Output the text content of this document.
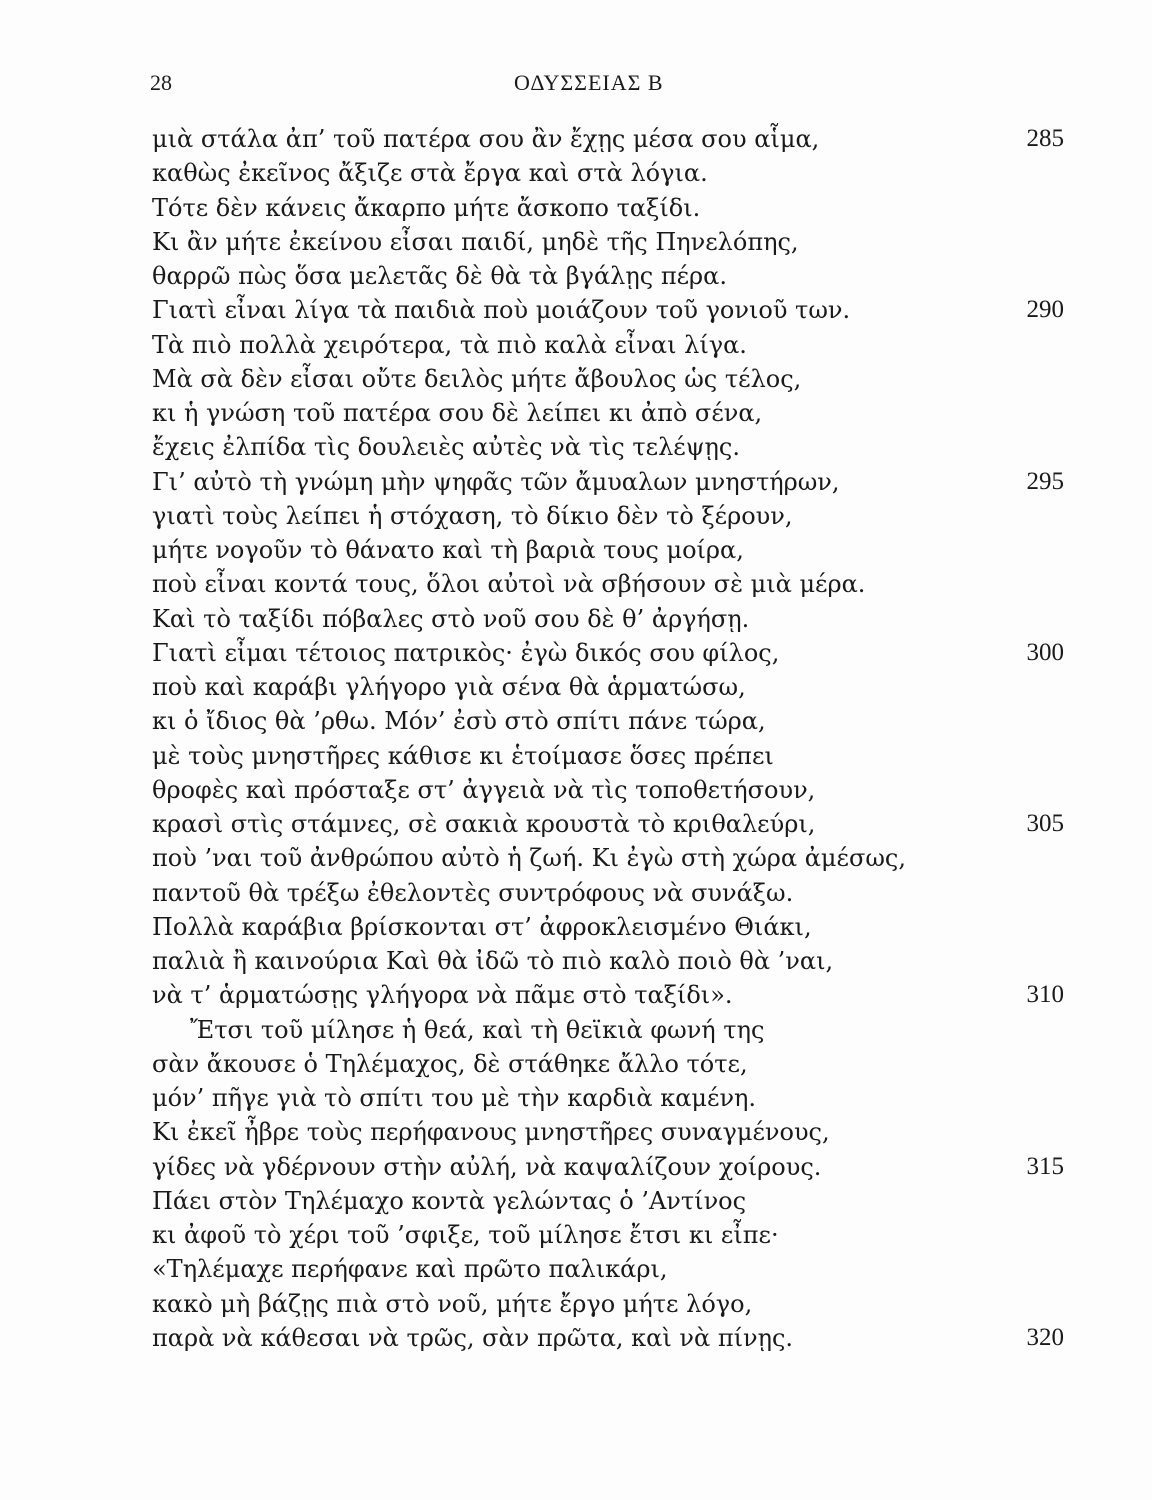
28	ΟΔΥΣΣΕΙΑΣ Β
μιὰ στάλα ἀπ’ τοῦ πατέρα σου ἂν ἔχῃς μέσα σου αἷμα,	285
καθὼς ἐκεῖνος ἄξιζε στὰ ἔργα καὶ στὰ λόγια.
Τότε δὲν κάνεις ἄκαρπο μήτε ἄσκοπο ταξίδι.
Κι ἂν μήτε ἐκείνου εἶσαι παιδί, μηδὲ τῆς Πηνελόπης,
θαρρῶ πὼς ὅσα μελετᾶς δὲ θὰ τὰ βγάλῃς πέρα.
Γιατὶ εἶναι λίγα τὰ παιδιὰ ποὺ μοιάζουν τοῦ γονιοῦ των.	290
Τὰ πιὸ πολλὰ χειρότερα, τὰ πιὸ καλὰ εἶναι λίγα.
Μὰ σὰ δὲν εἶσαι οὔτε δειλὸς μήτε ἄβουλος ὡς τέλος,
κι ἡ γνώση τοῦ πατέρα σου δὲ λείπει κι ἀπὸ σένα,
ἔχεις ἐλπίδα τὶς δουλειὲς αὐτὲς νὰ τὶς τελέψῃς.
Γι’ αὐτὸ τὴ γνώμη μὴν ψηφᾶς τῶν ἄμυαλων μνηστήρων,	295
γιατὶ τοὺς λείπει ἡ στόχαση, τὸ δίκιο δὲν τὸ ξέρουν,
μήτε νογοῦν τὸ θάνατο καὶ τὴ βαριὰ τους μοίρα,
ποὺ εἶναι κοντά τους, ὅλοι αὐτοὶ νὰ σβήσουν σὲ μιὰ μέρα.
Καὶ τὸ ταξίδι πόβαλες στὸ νοῦ σου δὲ θ’ ἀργήσῃ.
Γιατὶ εἶμαι τέτοιος πατρικὸς· ἐγὼ δικός σου φίλος,	300
ποὺ καὶ καράβι γλήγορο γιὰ σένα θὰ ἁρματώσω,
κι ὁ ἴδιος θὰ ’ρθω. Μόν’ ἐσὺ στὸ σπίτι πάνε τώρα,
μὲ τοὺς μνηστῆρες κάθισε κι ἑτοίμασε ὅσες πρέπει
θροφὲς καὶ πρόσταξε στ’ ἀγγειὰ νὰ τὶς τοποθετήσουν,
κρασὶ στὶς στάμνες, σὲ σακιὰ κρουστὰ τὸ κριθαλεύρι,	305
ποὺ ’ναι τοῦ ἀνθρώπου αὐτὸ ἡ ζωή. Κι ἐγὼ στὴ χώρα ἀμέσως,
παντοῦ θὰ τρέξω ἐθελοντὲς συντρόφους νὰ συνάξω.
Πολλὰ καράβια βρίσκονται στ’ ἀφροκλεισμένο Θιάκι,
παλιὰ ἢ καινούρια Καὶ θὰ ἰδῶ τὸ πιὸ καλὸ ποιὸ θὰ ’ναι,
νὰ τ’ ἁρματώσῃς γλήγορα νὰ πᾶμε στὸ ταξίδι».	310
Ἔτσι τοῦ μίλησε ἡ θεά, καὶ τὴ θεϊκιὰ φωνή της
σὰν ἄκουσε ὁ Τηλέμαχος, δὲ στάθηκε ἄλλο τότε,
μόν’ πῆγε γιὰ τὸ σπίτι του μὲ τὴν καρδιὰ καμένη.
Κι ἐκεῖ ἦβρε τοὺς περήφανους μνηστῆρες συναγμένους,
γίδες νὰ γδέρνουν στὴν αὐλή, νὰ καψαλίζουν χοίρους.	315
Πάει στὸν Τηλέμαχο κοντὰ γελώντας ὁ ’Αντίνος
κι ἀφοῦ τὸ χέρι τοῦ ’σφιξε, τοῦ μίλησε ἔτσι κι εἶπε·
«Τηλέμαχε περήφανε καὶ πρῶτο παλικάρι,
κακὸ μὴ βάζῃς πιὰ στὸ νοῦ, μήτε ἔργο μήτε λόγο,
παρὰ νὰ κάθεσαι νὰ τρῶς, σὰν πρῶτα, καὶ νὰ πίνῃς.	320
